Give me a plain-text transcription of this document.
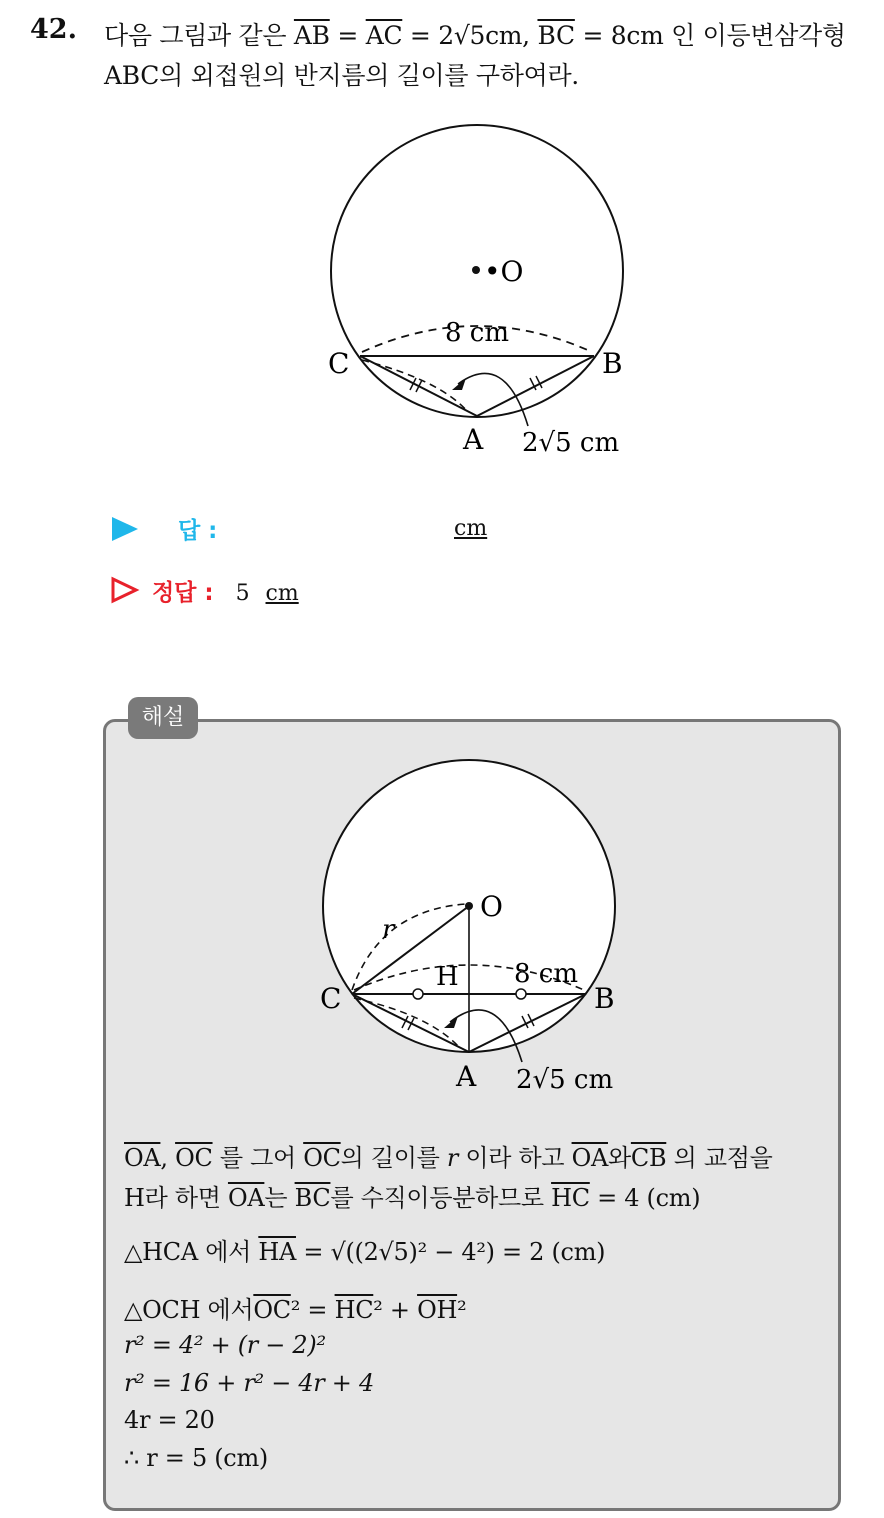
42. 다음 그림과 같은 $\overline{AB} = \overline{AC} = 2√5cm$, $\overline{BC} = 8cm$ 인 이등변삼각형
ABC의 외접원의 반지름의 길이를 구하여라.
•O
8 cm
C	B
A 2√5 cm
답 :	cm
정답 : 5 cm
해설
O
r
H 8 cm
C	B
A 2√5 cm
$\overline{OA}$, $\overline{OC}$ 를 그어 $\overline{OC}$의 길이를 r 이라 하고 $\overline{OA}$와$\overline{CB}$ 의 교점을
H라 하면 $\overline{OA}$는 $\overline{BC}$를 수직이등분하므로 $\overline{HC} = 4$ (cm)
△HCA 에서 $\overline{HA} = √((2√5)^2 - 4^2) = 2$ (cm)
△OCH 에서$\overline{OC}^2 = \overline{HC}^2 + \overline{OH}^2$
r² = 4² + (r − 2)²
r² = 16 + r² − 4r + 4
4r = 20
∴ r = 5 (cm)
